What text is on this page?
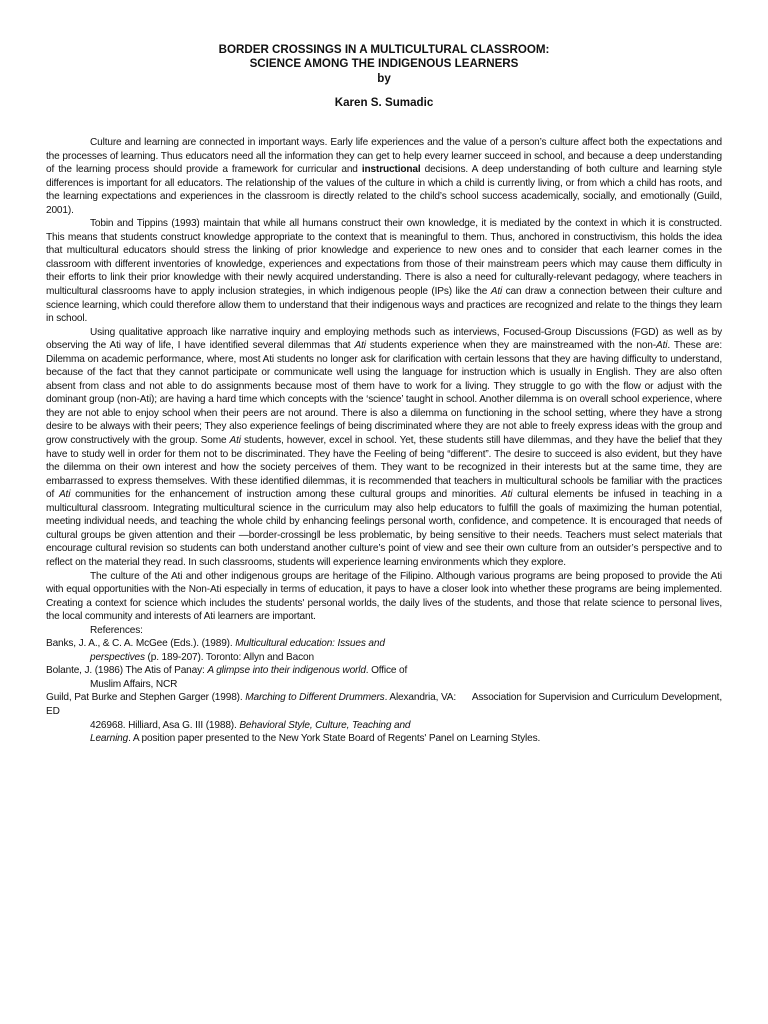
BORDER CROSSINGS IN A MULTICULTURAL CLASSROOM:
SCIENCE AMONG THE INDIGENOUS LEARNERS
by
Karen S. Sumadic

Culture and learning are connected in important ways. Early life experiences and the value of a person’s culture affect both the expectations and the processes of learning. Thus educators need all the information they can get to help every learner succeed in school, and because a deep understanding of the learning process should provide a framework for curricular and instructional decisions. A deep understanding of both culture and learning style differences is important for all educators. The relationship of the values of the culture in which a child is currently living, or from which a child has roots, and the learning expectations and experiences in the classroom is directly related to the child’s school success academically, socially, and emotionally (Guild, 2001).

Tobin and Tippins (1993) maintain that while all humans construct their own knowledge, it is mediated by the context in which it is constructed. This means that students construct knowledge appropriate to the context that is meaningful to them. Thus, anchored in constructivism, this holds the idea that multicultural educators should stress the linking of prior knowledge and experience to new ones and to consider that each learner comes in the classroom with different inventories of knowledge, experiences and expectations from those of their mainstream peers which may cause them difficulty in their efforts to link their prior knowledge with their newly acquired understanding. There is also a need for culturally-relevant pedagogy, where teachers in multicultural classrooms have to apply inclusion strategies, in which indigenous people (IPs) like the Ati can draw a connection between their culture and science learning, which could therefore allow them to understand that their indigenous ways and practices are recognized and relate to the things they learn in school.

Using qualitative approach like narrative inquiry and employing methods such as interviews, Focused-Group Discussions (FGD) as well as by observing the Ati way of life, I have identified several dilemmas that Ati students experience when they are mainstreamed with the non-Ati. These are: Dilemma on academic performance, where, most Ati students no longer ask for clarification with certain lessons that they are having difficulty to understand, because of the fact that they cannot participate or communicate well using the language for instruction which is usually in English. They are also often absent from class and not able to do assignments because most of them have to work for a living. They struggle to go with the flow or adjust with the dominant group (non-Ati); are having a hard time which concepts with the ‘science’ taught in school. Another dilemma is on overall school experience, where they are not able to enjoy school when their peers are not around. There is also a dilemma on functioning in the school setting, where they have a strong desire to be always with their peers; They also experience feelings of being discriminated where they are not able to freely express ideas with the group and grow constructively with the group. Some Ati students, however, excel in school. Yet, these students still have dilemmas, and they have the belief that they have to study well in order for them not to be discriminated. They have the Feeling of being “different”. The desire to succeed is also evident, but they have the dilemma on their own interest and how the society perceives of them. They want to be recognized in their interests but at the same time, they are embarrassed to express themselves. With these identified dilemmas, it is recommended that teachers in multicultural schools be familiar with the practices of Ati communities for the enhancement of instruction among these cultural groups and minorities. Ati cultural elements be infused in teaching in a multicultural classroom. Integrating multicultural science in the curriculum may also help educators to fulfill the goals of maximizing the human potential, meeting individual needs, and teaching the whole child by enhancing feelings personal worth, confidence, and competence. It is encouraged that needs of cultural groups be given attention and their ―border-crossing‖ be less problematic, by being sensitive to their needs. Teachers must select materials that encourage cultural revision so students can both understand another culture’s point of view and see their own culture from an outsider’s perspective and to reflect on the material they read. In such classrooms, students will experience learning environments which they explore.

The culture of the Ati and other indigenous groups are heritage of the Filipino. Although various programs are being proposed to provide the Ati with equal opportunities with the Non-Ati especially in terms of education, it pays to have a closer look into whether these programs are being implemented. Creating a context for science which includes the students' personal worlds, the daily lives of the students, and those that relate science to personal lives, the local community and interests of Ati learners are important.

References:
Banks, J. A., & C. A. McGee (Eds.). (1989). Multicultural education: Issues and
perspectives (p. 189-207). Toronto: Allyn and Bacon
Bolante, J. (1986) The Atis of Panay: A glimpse into their indigenous world. Office of
Muslim Affairs, NCR
Guild, Pat Burke and Stephen Garger (1998). Marching to Different Drummers. Alexandria, VA:      Association for Supervision and Curriculum Development, ED
426968. Hilliard, Asa G. III (1988). Behavioral Style, Culture, Teaching and
Learning. A position paper presented to the New York State Board of Regents' Panel on Learning Styles.
